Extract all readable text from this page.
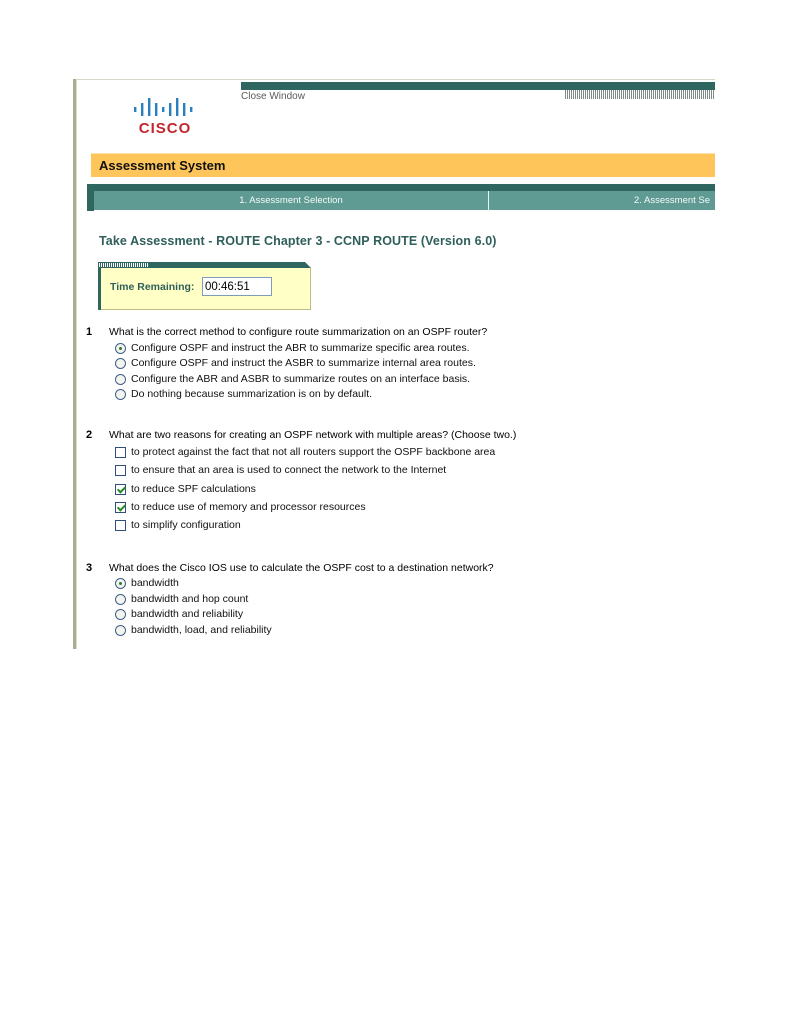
Close Window
CISCO
Assessment System
1. Assessment Selection	2. Assessment Se
Take Assessment - ROUTE Chapter 3 - CCNP ROUTE (Version 6.0)
Time Remaining:
00:46:51
1 What is the correct method to configure route summarization on an OSPF router?
Configure OSPF and instruct the ABR to summarize specific area routes.
Configure OSPF and instruct the ASBR to summarize internal area routes.
Configure the ABR and ASBR to summarize routes on an interface basis.
Do nothing because summarization is on by default.
2 What are two reasons for creating an OSPF network with multiple areas? (Choose two.)
to protect against the fact that not all routers support the OSPF backbone area
to ensure that an area is used to connect the network to the Internet
to reduce SPF calculations
to reduce use of memory and processor resources
to simplify configuration
3 What does the Cisco IOS use to calculate the OSPF cost to a destination network?
bandwidth
bandwidth and hop count
bandwidth and reliability
bandwidth, load, and reliability
